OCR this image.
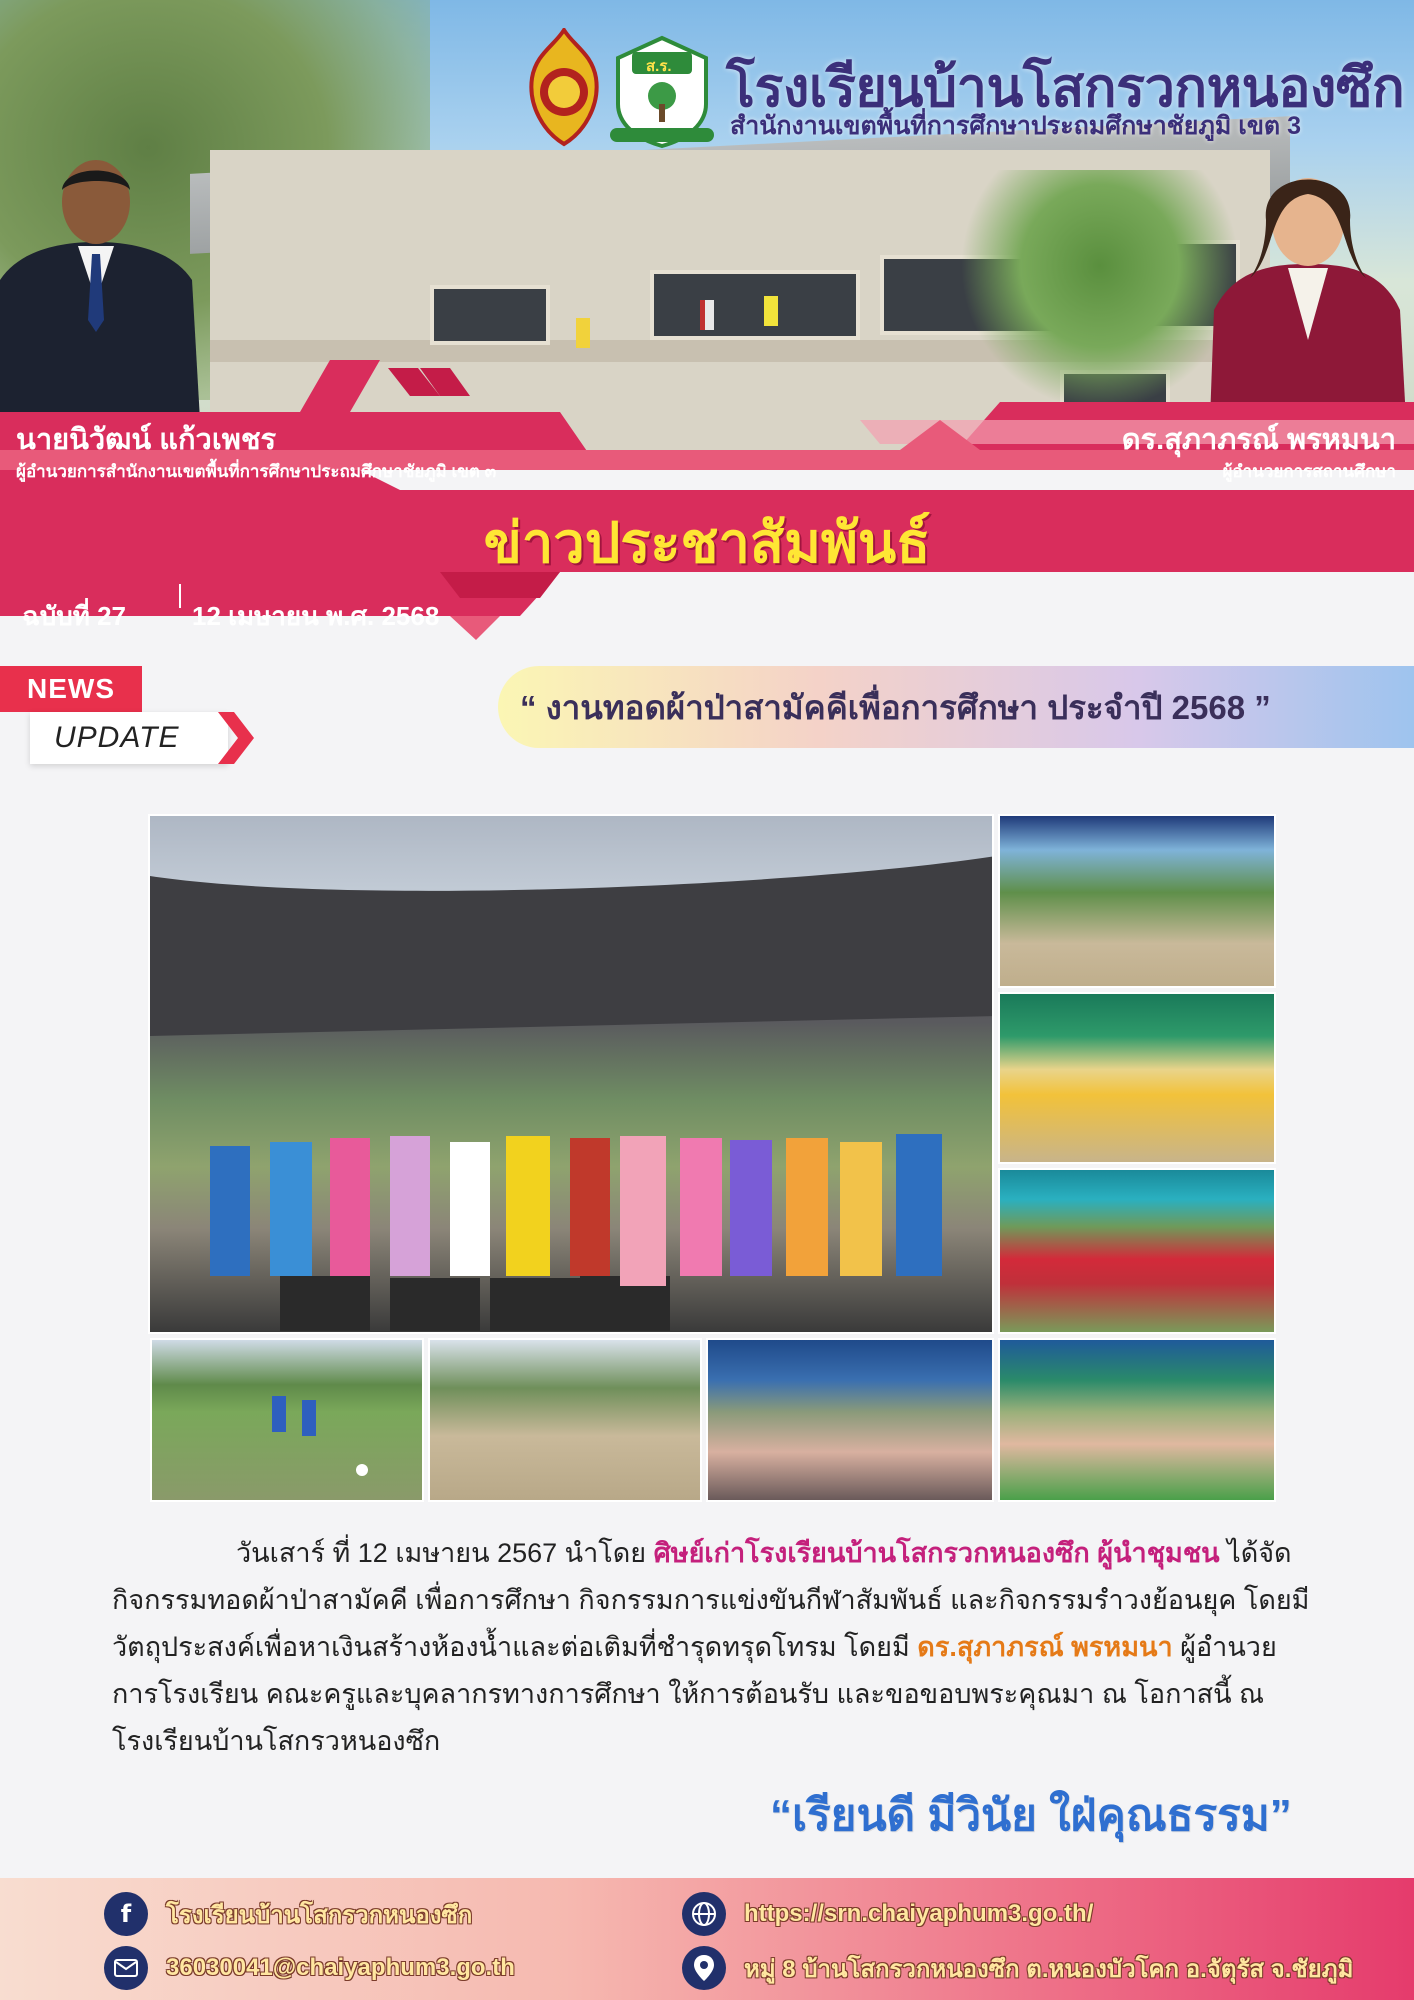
ส.ร. โรงเรียนบ้านโสกรวกหนองซึก
สำนักงานเขตพื้นที่การศึกษาประถมศึกษาชัยภูมิ เขต 3
นายนิวัฒน์ แก้วเพชร
ผู้อำนวยการสำนักงานเขตพื้นที่การศึกษาประถมศึกษาชัยภูมิ เขต ๓
ดร.สุภาภรณ์ พรหมนา
ผู้อำนวยการสถานศึกษา
ข่าวประชาสัมพันธ์
ฉบับที่ 27	12 เมษายน พ.ศ. 2568
NEWS
UPDATE
“ งานทอดผ้าป่าสามัคคีเพื่อการศึกษา ประจำปี 2568 ”
วันเสาร์ ที่ 12 เมษายน 2567 นำโดย ศิษย์เก่าโรงเรียนบ้านโสกรวกหนองซึก ผู้นำชุมชน ได้จัดกิจกรรมทอดผ้าป่าสามัคคี เพื่อการศึกษา กิจกรรมการแข่งขันกีฬาสัมพันธ์ และกิจกรรมรำวงย้อนยุค โดยมีวัตถุประสงค์เพื่อหาเงินสร้างห้องน้ำและต่อเติมที่ชำรุดทรุดโทรม โดยมี ดร.สุภาภรณ์ พรหมนา ผู้อำนวยการโรงเรียน คณะครูและบุคลากรทางการศึกษา ให้การต้อนรับ และขอขอบพระคุณมา ณ โอกาสนี้ ณ โรงเรียนบ้านโสกรวหนองซึก
“เรียนดี มีวินัย ใฝ่คุณธรรม”
f	โรงเรียนบ้านโสกรวกหนองซึก
36030041@chaiyaphum3.go.th
https://srn.chaiyaphum3.go.th/
หมู่ 8 บ้านโสกรวกหนองซึก ต.หนองบัวโคก อ.จัตุรัส จ.ชัยภูมิ
